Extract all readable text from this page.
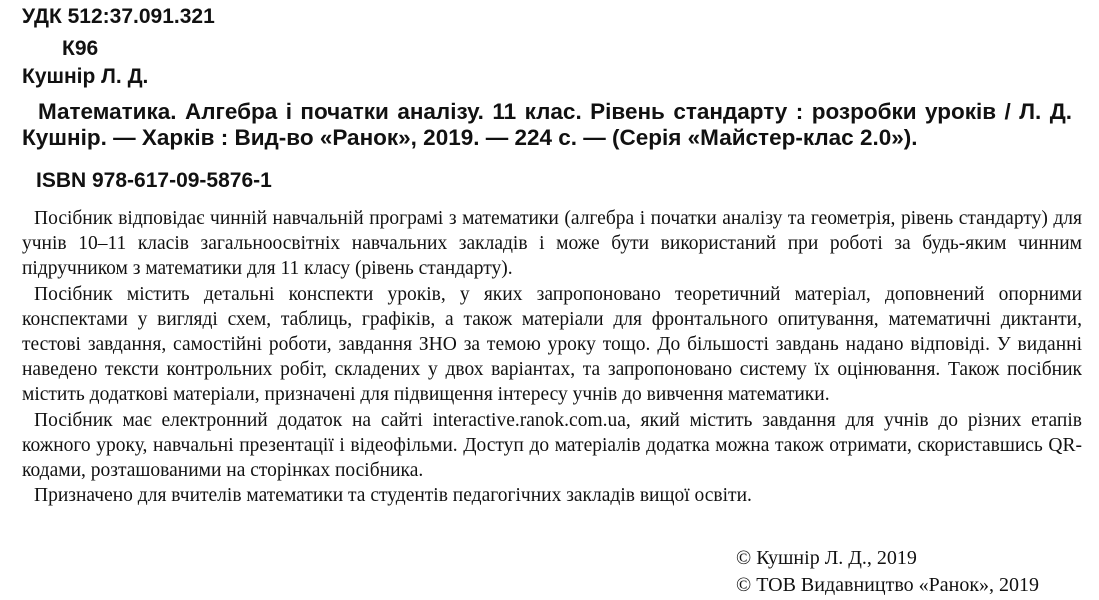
УДК 512:37.091.321
К96
Кушнір Л. Д.

Математика. Алгебра і початки аналізу. 11 клас. Рівень стандарту : розробки уроків / Л. Д. Кушнір. — Харків : Вид-во «Ранок», 2019. — 224 с. — (Серія «Майстер-клас 2.0»).

ISBN 978-617-09-5876-1

Посібник відповідає чинній навчальній програмі з математики (алгебра і початки аналізу та геометрія, рівень стандарту) для учнів 10–11 класів загальноосвітніх навчальних закладів і може бути використаний при роботі за будь-яким чинним підручником з математики для 11 класу (рівень стандарту).

Посібник містить детальні конспекти уроків, у яких запропоновано теоретичний матеріал, доповнений опорними конспектами у вигляді схем, таблиць, графіків, а також матеріали для фронтального опитування, математичні диктанти, тестові завдання, самостійні роботи, завдання ЗНО за темою уроку тощо. До більшості завдань надано відповіді. У виданні наведено тексти контрольних робіт, складених у двох варіантах, та запропоновано систему їх оцінювання. Також посібник містить додаткові матеріали, призначені для підвищення інтересу учнів до вивчення математики.

Посібник має електронний додаток на сайті interactive.ranok.com.ua, який містить завдання для учнів до різних етапів кожного уроку, навчальні презентації і відеофільми. Доступ до матеріалів додатка можна також отримати, скориставшись QR-кодами, розташованими на сторінках посібника.

Призначено для вчителів математики та студентів педагогічних закладів вищої освіти.

© Кушнір Л. Д., 2019
© ТОВ Видавництво «Ранок», 2019
